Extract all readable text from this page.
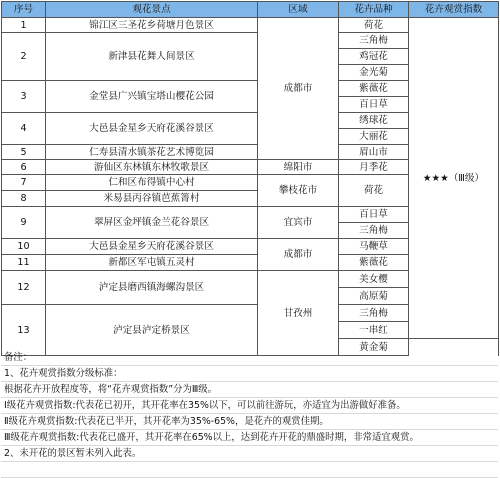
序号	观花景点	区域	花卉品种	花卉观赏指数	
1	锦江区三圣花乡荷塘月色景区	成都市	荷花	★★★（Ⅲ级）	
2	新津县花舞人间景区		三角梅		
			鸡冠花		
			金光菊		
3	金堂县广兴镇宝塔山樱花公园		紫薇花		
			百日草		
4	大邑县金星乡天府花溪谷景区		绣球花		
			大丽花		
5	仁寿县清水镇茶花艺术博览园		眉山市	
6	游仙区东林镇东林牧歌景区	绵阳市	月季花		
7	仁和区布得镇中心村	攀枝花市	荷花		
8	米易县丙谷镇芭蕉箐村				
9	翠屏区金坪镇金兰花谷景区	宜宾市	百日草		
			三角梅		
10	大邑县金星乡天府花溪谷景区	成都市	马鞭草	
11	新都区军屯镇五灵村		紫薇花		
12	泸定县磨西镇海螺沟景区	甘孜州	美女樱		
			高原菊		
13	泸定县泸定桥景区		三角梅		
			一串红		
			黄金菊		
备注：
1、花卉观赏指数分级标准：
根据花卉开放程度等，将“花卉观赏指数”分为Ⅲ级。
Ⅰ级花卉观赏指数:代表花已初开，其开花率在35%以下，可以前往游玩，亦适宜为出游做好准备。
Ⅱ级花卉观赏指数:代表花已半开，其开花率为35%-65%，是花卉的观赏佳期。
Ⅲ级花卉观赏指数:代表花已盛开，其开花率在65%以上，达到花卉开花的鼎盛时期，非常适宜观赏。
2、未开花的景区暂未列入此表。
